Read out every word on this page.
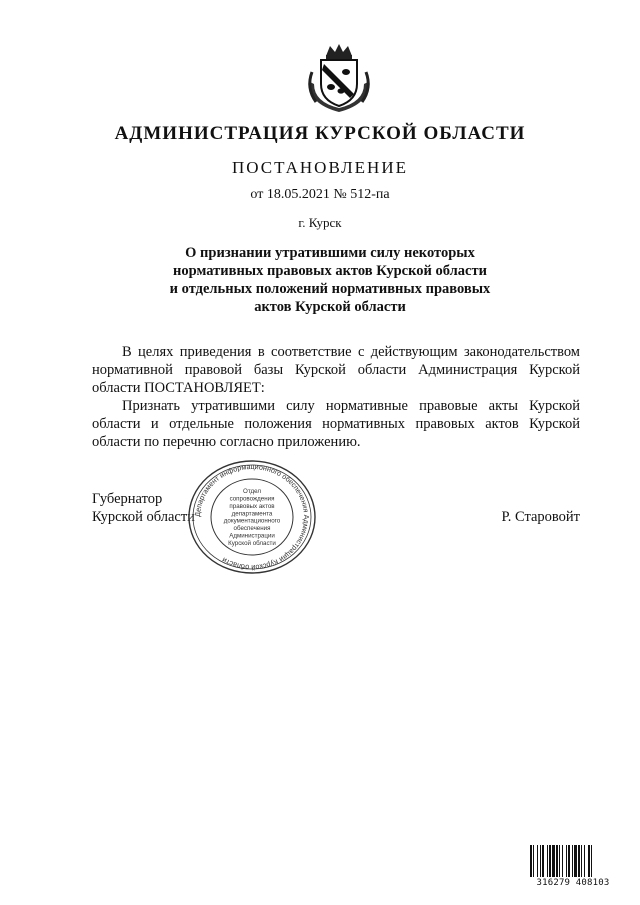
АДМИНИСТРАЦИЯ КУРСКОЙ ОБЛАСТИ
ПОСТАНОВЛЕНИЕ
от 18.05.2021 № 512-па
г. Курск
О признании утратившими силу некоторых
нормативных правовых актов Курской области
и отдельных положений нормативных правовых
актов Курской области

В целях приведения в соответствие с действующим законодательством нормативной правовой базы Курской области Администрация Курской области ПОСТАНОВЛЯЕТ:

Признать утратившими силу нормативные правовые акты Курской области и отдельные положения нормативных правовых актов Курской области по перечню согласно приложению.

Губернатор
Курской области	Р. Старовойт
Департамент информационного обеспечения Администрации Курской области
Отдел
сопровождения
правовых актов
департамента
документационного
обеспечения
Администрации
Курской области
316279 408103
